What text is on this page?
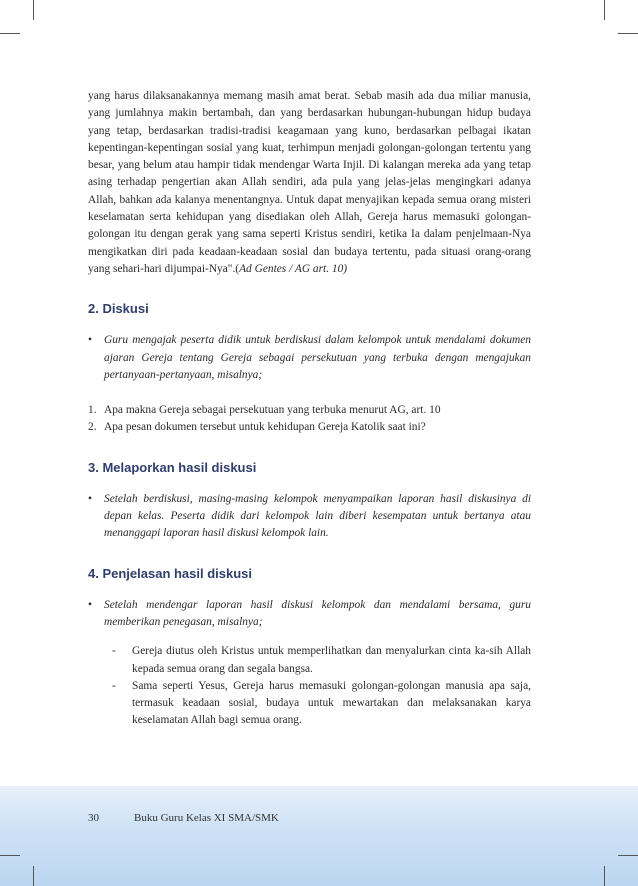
yang harus dilaksanakannya memang masih amat berat. Sebab masih ada dua miliar manusia, yang jumlahnya makin bertambah, dan yang berdasarkan hubungan-hubungan hidup budaya yang tetap, berdasarkan tradisi-tradisi keagamaan yang kuno, berdasarkan pelbagai ikatan kepentingan-kepentingan sosial yang kuat, terhimpun menjadi golongan-golongan tertentu yang besar, yang belum atau hampir tidak mendengar Warta Injil. Di kalangan mereka ada yang tetap asing terhadap pengertian akan Allah sendiri, ada pula yang jelas-jelas mengingkari adanya Allah, bahkan ada kalanya menentangnya. Untuk dapat menyajikan kepada semua orang misteri keselamatan serta kehidupan yang disediakan oleh Allah, Gereja harus memasuki golongan-golongan itu dengan gerak yang sama seperti Kristus sendiri, ketika Ia dalam penjelmaan-Nya mengikatkan diri pada keadaan-keadaan sosial dan budaya tertentu, pada situasi orang-orang yang sehari-hari dijumpai-Nya".(Ad Gentes / AG art. 10)

2. Diskusi

• Guru mengajak peserta didik untuk berdiskusi dalam kelompok untuk mendalami dokumen ajaran Gereja tentang Gereja sebagai persekutuan yang terbuka dengan mengajukan pertanyaan-pertanyaan, misalnya;

1. Apa makna Gereja sebagai persekutuan yang terbuka menurut AG, art. 10
2. Apa pesan dokumen tersebut untuk kehidupan Gereja Katolik saat ini?
3. Melaporkan hasil diskusi

• Setelah berdiskusi, masing-masing kelompok menyampaikan laporan hasil diskusinya di depan kelas. Peserta didik dari kelompok lain diberi kesempatan untuk bertanya atau menanggapi laporan hasil diskusi kelompok lain.

4. Penjelasan hasil diskusi

• Setelah mendengar laporan hasil diskusi kelompok dan mendalami bersama, guru memberikan penegasan, misalnya;

- Gereja diutus oleh Kristus untuk memperlihatkan dan menyalurkan cinta ka-sih Allah kepada semua orang dan segala bangsa.
- Sama seperti Yesus, Gereja harus memasuki golongan-golongan manusia apa saja, termasuk keadaan sosial, budaya untuk mewartakan dan melaksanakan karya keselamatan Allah bagi semua orang.
30	Buku Guru Kelas XI SMA/SMK
